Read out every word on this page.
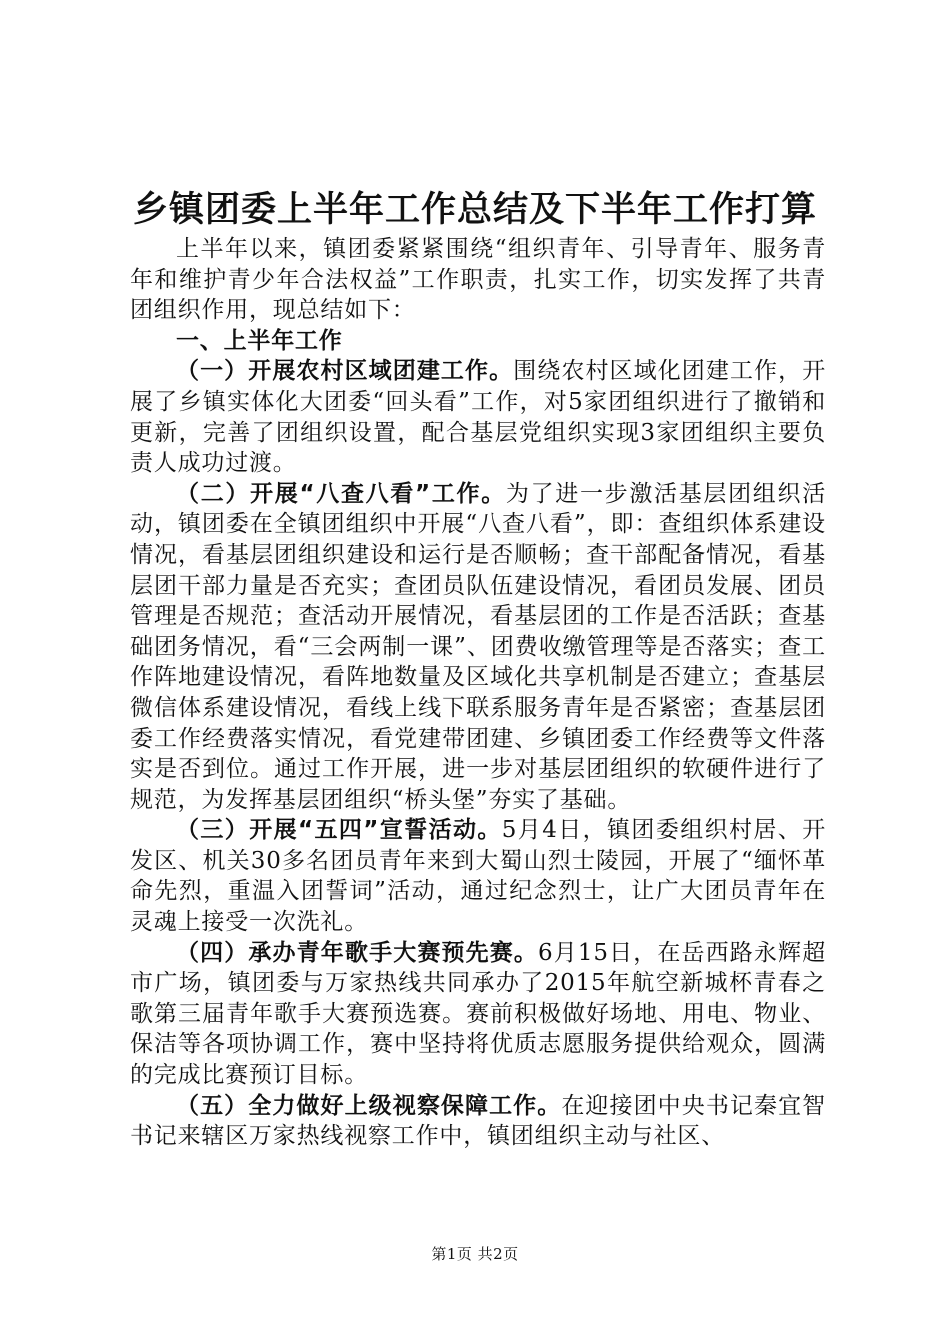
乡镇团委上半年工作总结及下半年工作打算

上半年以来，镇团委紧紧围绕“组织青年、引导青年、服务青年和维护青少年合法权益”工作职责，扎实工作，切实发挥了共青团组织作用，现总结如下：

一、上半年工作

（一）开展农村区域团建工作。围绕农村区域化团建工作，开展了乡镇实体化大团委“回头看”工作，对5家团组织进行了撤销和更新，完善了团组织设置，配合基层党组织实现3家团组织主要负责人成功过渡。

（二）开展“八查八看”工作。为了进一步激活基层团组织活动，镇团委在全镇团组织中开展“八查八看”，即：查组织体系建设情况，看基层团组织建设和运行是否顺畅；查干部配备情况，看基层团干部力量是否充实；查团员队伍建设情况，看团员发展、团员管理是否规范；查活动开展情况，看基层团的工作是否活跃；查基础团务情况，看“三会两制一课”、团费收缴管理等是否落实；查工作阵地建设情况，看阵地数量及区域化共享机制是否建立；查基层微信体系建设情况，看线上线下联系服务青年是否紧密；查基层团委工作经费落实情况，看党建带团建、乡镇团委工作经费等文件落实是否到位。通过工作开展，进一步对基层团组织的软硬件进行了规范，为发挥基层团组织“桥头堡”夯实了基础。

（三）开展“五四”宣誓活动。5月4日，镇团委组织村居、开发区、机关30多名团员青年来到大蜀山烈士陵园，开展了“缅怀革命先烈，重温入团誓词”活动，通过纪念烈士，让广大团员青年在灵魂上接受一次洗礼。

（四）承办青年歌手大赛预先赛。6月15日，在岳西路永辉超市广场，镇团委与万家热线共同承办了2015年航空新城杯青春之歌第三届青年歌手大赛预选赛。赛前积极做好场地、用电、物业、保洁等各项协调工作，赛中坚持将优质志愿服务提供给观众，圆满的完成比赛预订目标。

（五）全力做好上级视察保障工作。在迎接团中央书记秦宜智书记来辖区万家热线视察工作中，镇团组织主动与社区、

第1页 共2页
